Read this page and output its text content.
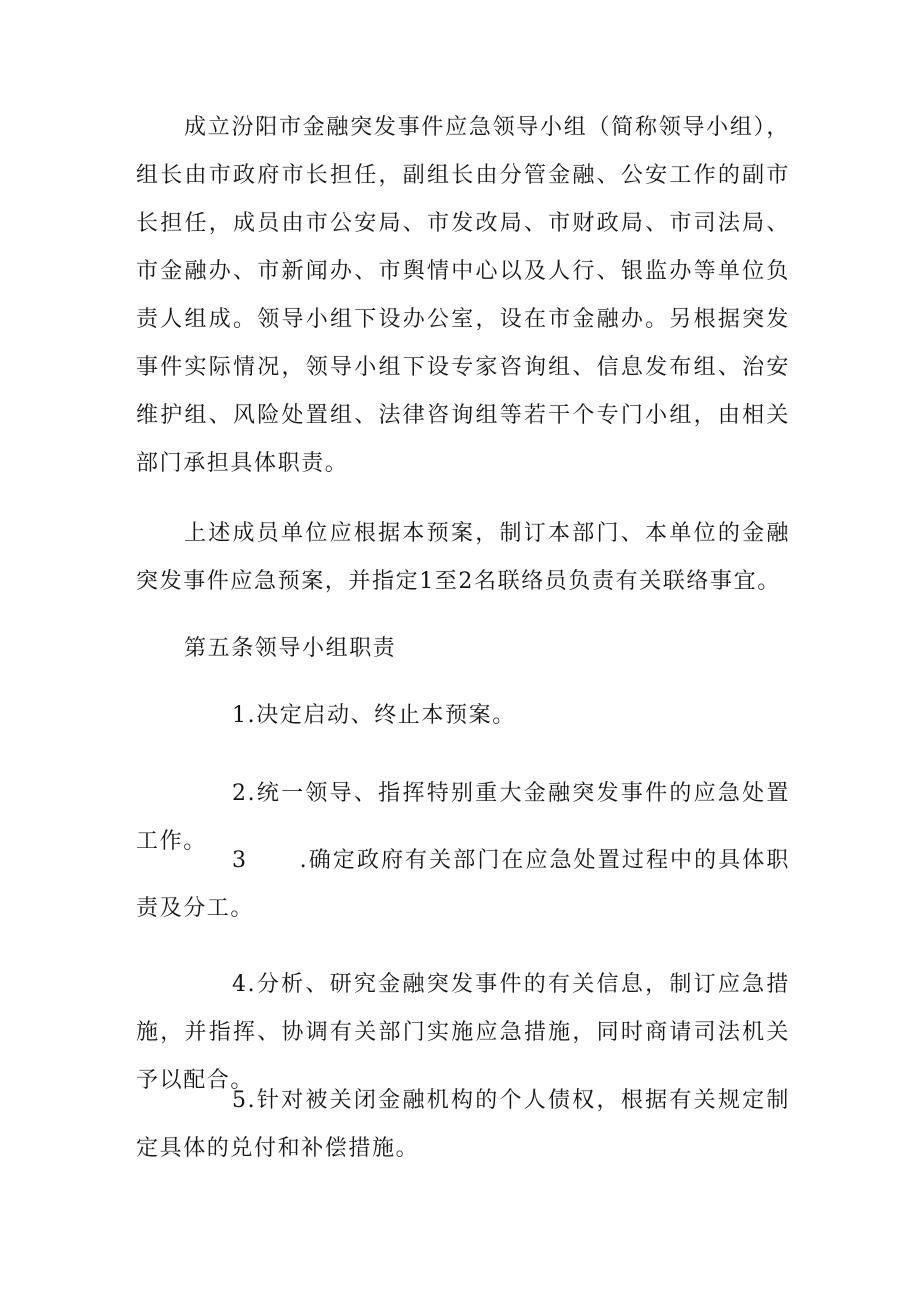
成立汾阳市金融突发事件应急领导小组（简称领导小组），组长由市政府市长担任，副组长由分管金融、公安工作的副市长担任，成员由市公安局、市发改局、市财政局、市司法局、市金融办、市新闻办、市舆情中心以及人行、银监办等单位负责人组成。领导小组下设办公室，设在市金融办。另根据突发事件实际情况，领导小组下设专家咨询组、信息发布组、治安维护组、风险处置组、法律咨询组等若干个专门小组，由相关部门承担具体职责。

上述成员单位应根据本预案，制订本部门、本单位的金融突发事件应急预案，并指定1至2名联络员负责有关联络事宜。

第五条领导小组职责

1.决定启动、终止本预案。

2.统一领导、指挥特别重大金融突发事件的应急处置工作。

3 .确定政府有关部门在应急处置过程中的具体职责及分工。

4.分析、研究金融突发事件的有关信息，制订应急措施，并指挥、协调有关部门实施应急措施，同时商请司法机关予以配合。

5.针对被关闭金融机构的个人债权，根据有关规定制定具体的兑付和补偿措施。
